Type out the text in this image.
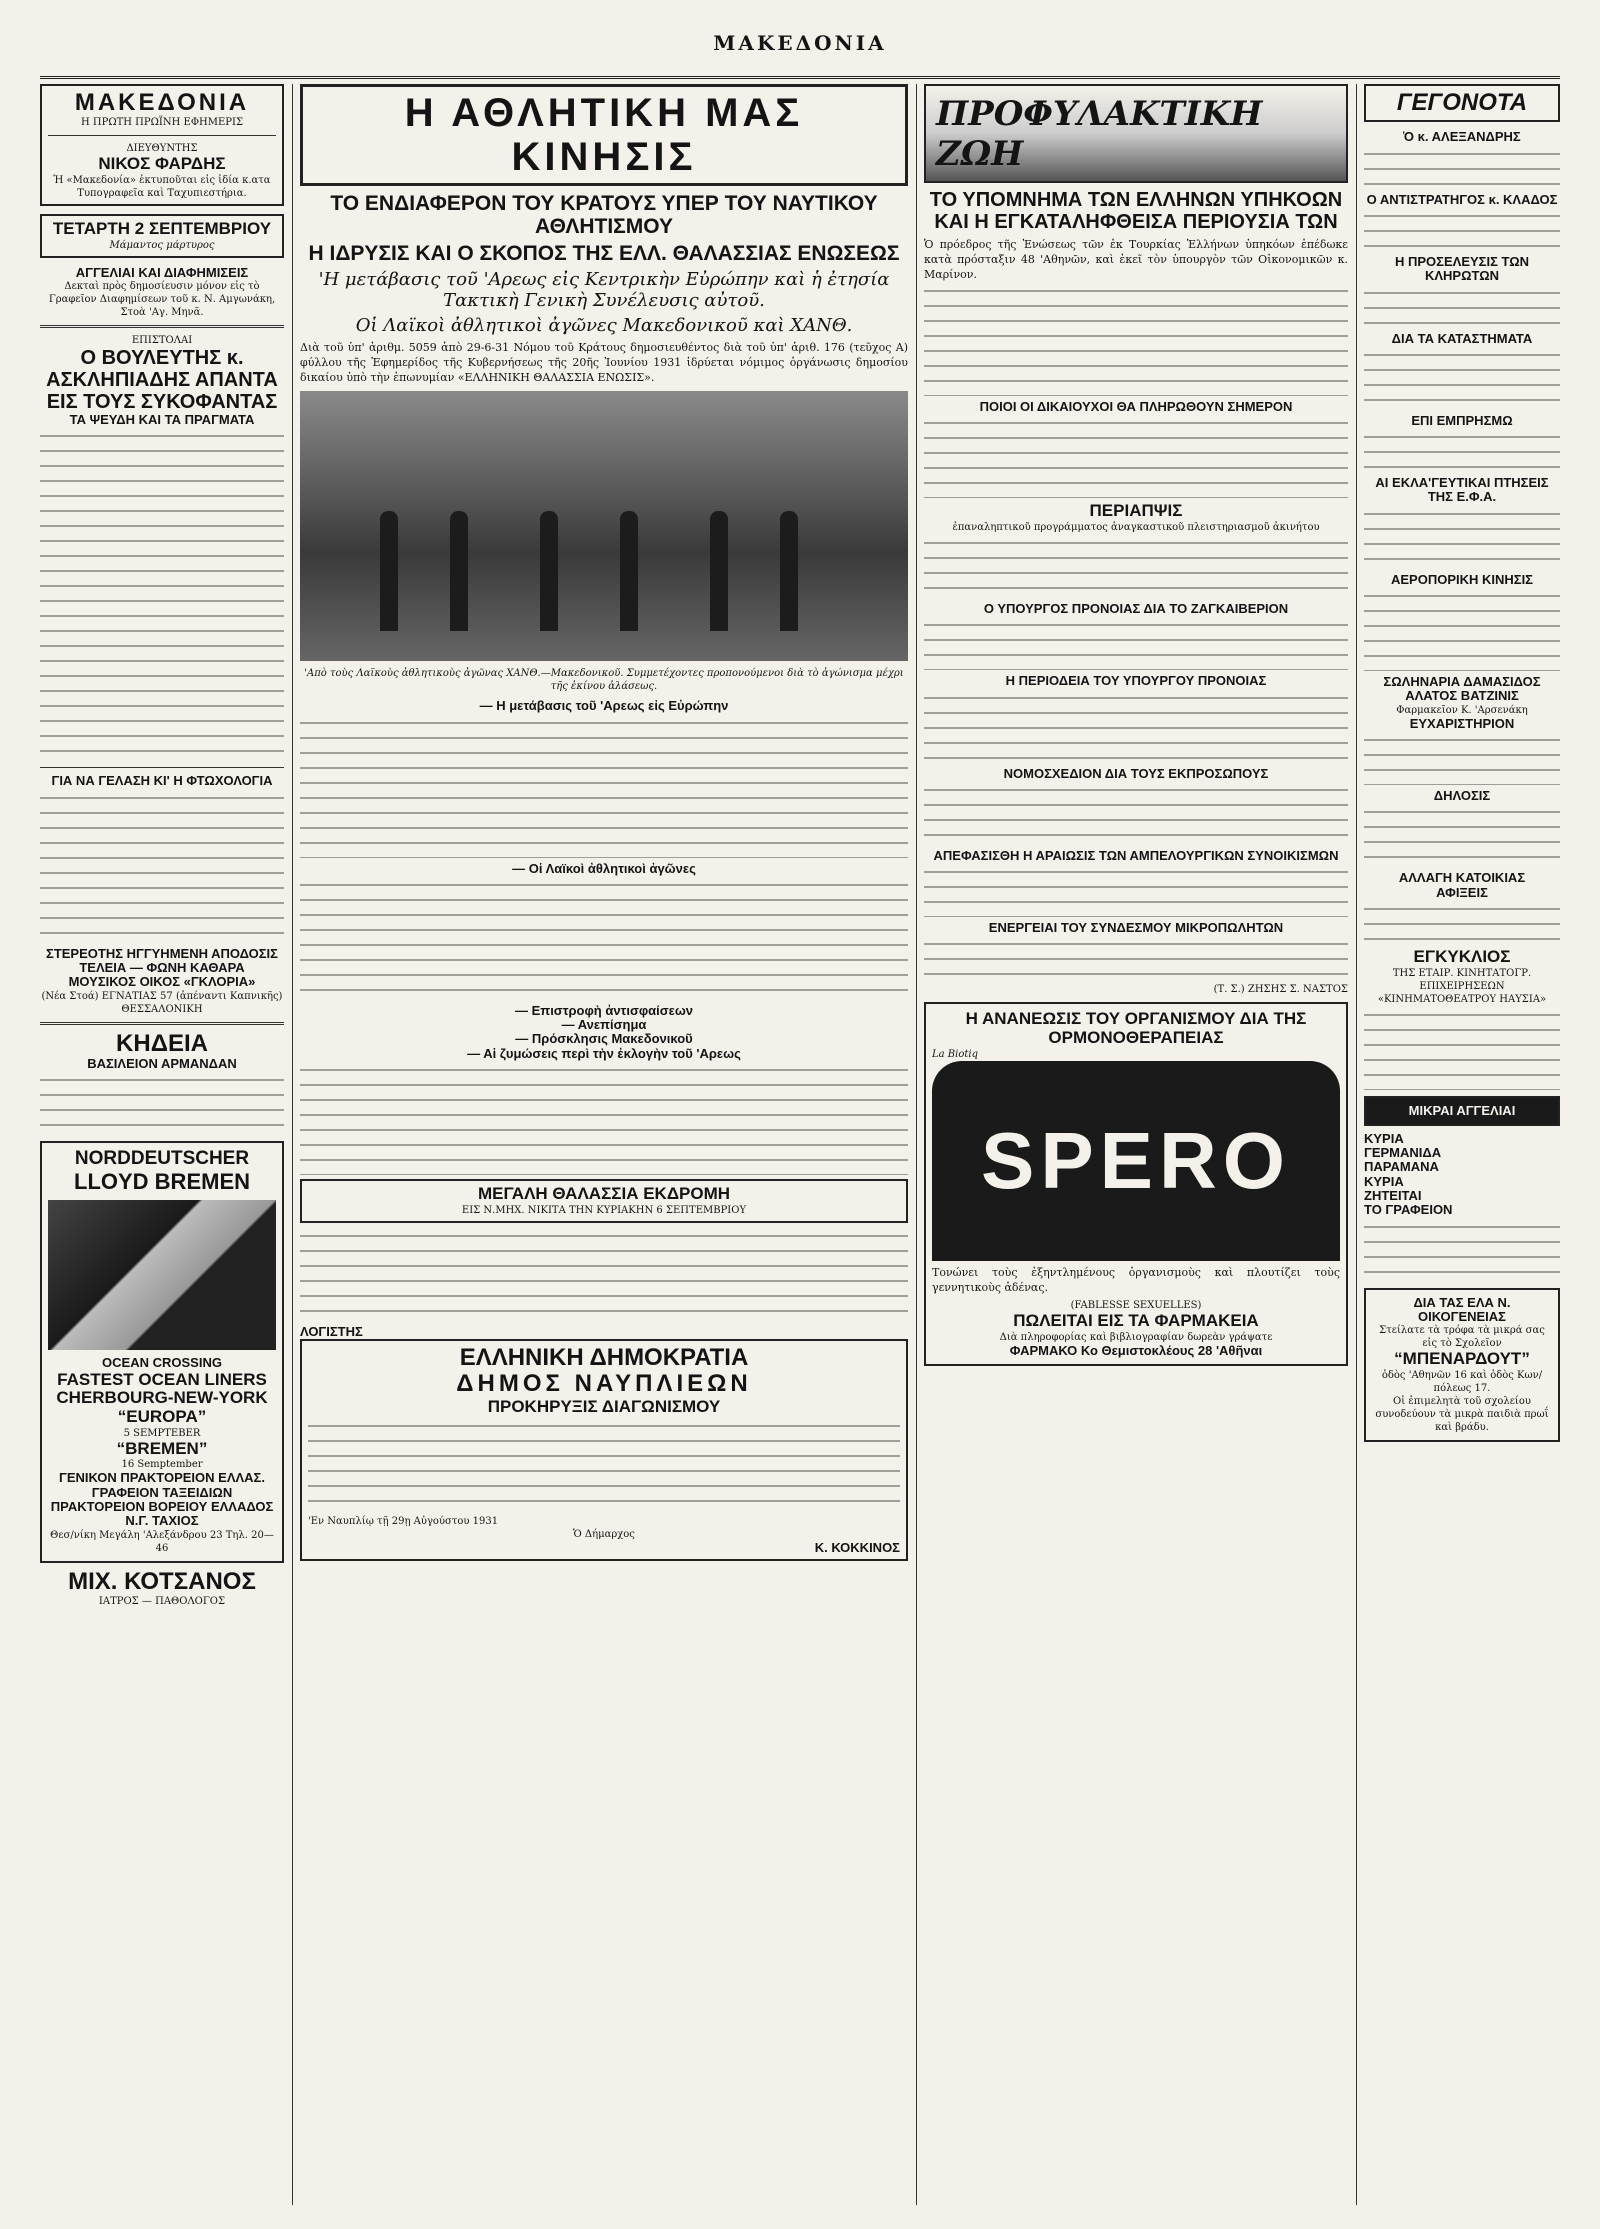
ΜΑΚΕΔΟΝΙΑ
ΜΑΚΕΔΟΝΙΑ
Η ΠΡΩΤΗ ΠΡΩΪΝΗ ΕΦΗΜΕΡΙΣ
ΔΙΕΥΘΥΝΤΗΣ
ΝΙΚΟΣ ΦΑΡΔΗΣ
Ἡ «Μακεδονία» ἐκτυποῦται εἰς ἰδία κ.ατα Τυπογραφεῖα καὶ Ταχυπιεστήρια.
ΤΕΤΑΡΤΗ 2 ΣΕΠΤΕΜΒΡΙΟΥ
Μάμαντος μάρτυρος
ΑΓΓΕΛΙΑΙ ΚΑΙ ΔΙΑΦΗΜΙΣΕΙΣ
Δεκταὶ πρὸς δημοσίευσιν μόνον εἰς τὸ Γραφεῖον Διαφημίσεων τοῦ κ. Ν. Αμγωνάκη, Στοὰ 'Αγ. Μηνᾶ.
ΕΠΙΣΤΟΛΑΙ
Ο ΒΟΥΛΕΥΤΗΣ κ. ΑΣΚΛΗΠΙΑΔΗΣ ΑΠΑΝΤΑ ΕΙΣ ΤΟΥΣ ΣΥΚΟΦΑΝΤΑΣ
ΤΑ ΨΕΥΔΗ ΚΑΙ ΤΑ ΠΡΑΓΜΑΤΑ
ΓΙΑ ΝΑ ΓΕΛΑΣΗ ΚΙ' Η ΦΤΩΧΟΛΟΓΙΑ
ΣΤΕΡΕΟΤΗΣ ΗΓΓΥΗΜΕΝΗ ΑΠΟΔΟΣΙΣ ΤΕΛΕΙΑ — ΦΩΝΗ ΚΑΘΑΡΑ
ΜΟΥΣΙΚΟΣ ΟΙΚΟΣ «ΓΚΛΟΡΙΑ»
(Νέα Στοά) ΕΓΝΑΤΙΑΣ 57 (ἀπέναντι Καπνικῆς) ΘΕΣΣΑΛΟΝΙΚΗ
ΚΗΔΕΙΑ
ΒΑΣΙΛΕΙΟΝ ΑΡΜΑΝΔΑΝ
NORDDEUTSCHER
LLOYD BREMEN
OCEAN CROSSING
FASTEST OCEAN LINERS
CHERBOURG-NEW-YORK
“EUROPA”
5 SEMPTEBER
“BREMEN”
16 Semptember
ΓΕΝΙΚΟΝ ΠΡΑΚΤΟΡΕΙΟΝ ΕΛΛΑΣ. ΓΡΑΦΕΙΟΝ ΤΑΞΕΙΔΙΩΝ
ΠΡΑΚΤΟΡΕΙΟΝ ΒΟΡΕΙΟΥ ΕΛΛΑΔΟΣ Ν.Γ. ΤΑΧΙΟΣ
Θεσ/νίκη Μεγάλη 'Αλεξάνδρου 23 Τηλ. 20—46
ΜΙΧ. ΚΟΤΣΑΝΟΣ
ΙΑΤΡΟΣ — ΠΑΘΟΛΟΓΟΣ
Η ΑΘΛΗΤΙΚΗ ΜΑΣ ΚΙΝΗΣΙΣ
ΤΟ ΕΝΔΙΑΦΕΡΟΝ ΤΟΥ ΚΡΑΤΟΥΣ ΥΠΕΡ ΤΟΥ ΝΑΥΤΙΚΟΥ ΑΘΛΗΤΙΣΜΟΥ
Η ΙΔΡΥΣΙΣ ΚΑΙ Ο ΣΚΟΠΟΣ ΤΗΣ ΕΛΛ. ΘΑΛΑΣΣΙΑΣ ΕΝΩΣΕΩΣ
'Η μετάβασις τοῦ 'Αρεως εἰς Κεντρικὴν Εὐρώπην καὶ ἡ ἐτησία Τακτικὴ Γενικὴ Συνέλευσις αὐτοῦ.
Οἱ Λαϊκοὶ ἀθλητικοὶ ἀγῶνες Μακεδονικοῦ καὶ ΧΑΝΘ.

Διὰ τοῦ ὑπ' ἀριθμ. 5059 ἀπὸ 29-6-31 Νόμου τοῦ Κράτους δημοσιευθέντος διὰ τοῦ ὑπ' ἀριθ. 176 (τεῦχος Α) φύλλου τῆς Ἐφημερίδος τῆς Κυβερνήσεως τῆς 20ῆς Ἰουνίου 1931 ἱδρύεται νόμιμος ὀργάνωσις δημοσίου δικαίου ὑπὸ τὴν ἐπωνυμίαν «ΕΛΛΗΝΙΚΗ ΘΑΛΑΣΣΙΑ ΕΝΩΣΙΣ».

'Απὸ τοὺς Λαϊκοὺς ἀθλητικοὺς ἀγῶνας ΧΑΝΘ.—Μακεδονικοῦ. Συμμετέχοντες προπονούμενοι διὰ τὸ ἀγώνισμα μέχρι τῆς ἐκίνου ἀλάσεως.
— Η μετάβασις τοῦ 'Αρεως εἰς Εὐρώπην
— Οἱ Λαϊκοὶ ἀθλητικοὶ ἀγῶνες
— Επιστροφὴ ἀντισφαίσεων
— Ανεπίσημα
— Πρόσκλησις Μακεδονικοῦ
— Αἱ ζυμώσεις περὶ τὴν ἐκλογὴν τοῦ 'Αρεως
ΜΕΓΑΛΗ ΘΑΛΑΣΣΙΑ ΕΚΔΡΟΜΗ
ΕΙΣ Ν.ΜΗΧ. ΝΙΚΙΤΑ ΤΗΝ ΚΥΡΙΑΚΗΝ 6 ΣΕΠΤΕΜΒΡΙΟΥ
ΛΟΓΙΣΤΗΣ
ΕΛΛΗΝΙΚΗ ΔΗΜΟΚΡΑΤΙΑ
ΔΗΜΟΣ ΝΑΥΠΛΙΕΩΝ
ΠΡΟΚΗΡΥΞΙΣ ΔΙΑΓΩΝΙΣΜΟΥ
'Εν Ναυπλίῳ τῇ 29ῃ Αὐγούστου 1931
Ὁ Δήμαρχος
Κ. ΚΟΚΚΙΝΟΣ
ΠΡΟΦΥΛΑΚΤΙΚΗ ΖΩΗ
ΤΟ ΥΠΟΜΝΗΜΑ ΤΩΝ ΕΛΛΗΝΩΝ ΥΠΗΚΟΩΝ ΚΑΙ Η ΕΓΚΑΤΑΛΗΦΘΕΙΣΑ ΠΕΡΙΟΥΣΙΑ ΤΩΝ

Ὁ πρόεδρος τῆς Ἐνώσεως τῶν ἐκ Τουρκίας Ἑλλήνων ὑπηκόων ἐπέδωκε κατὰ πρόσταξιν 48 'Αθηνῶν, καὶ ἐκεῖ τὸν ὑπουργὸν τῶν Οἰκονομικῶν κ. Μαρίνον.

ΠΟΙΟΙ ΟΙ ΔΙΚΑΙΟΥΧΟΙ ΘΑ ΠΛΗΡΩΘΟΥΝ ΣΗΜΕΡΟΝ
ΠΕΡΙΑΠΨΙΣ
ἐπαναληπτικοῦ προγράμματος ἀναγκαστικοῦ πλειστηριασμοῦ ἀκινήτου
Ο ΥΠΟΥΡΓΟΣ ΠΡΟΝΟΙΑΣ ΔΙΑ ΤΟ ΖΑΓΚΑΙΒΕΡΙΟΝ
Η ΠΕΡΙΟΔΕΙΑ ΤΟΥ ΥΠΟΥΡΓΟΥ ΠΡΟΝΟΙΑΣ
ΝΟΜΟΣΧΕΔΙΟΝ ΔΙΑ ΤΟΥΣ ΕΚΠΡΟΣΩΠΟΥΣ
ΑΠΕΦΑΣΙΣΘΗ Η ΑΡΑΙΩΣΙΣ ΤΩΝ ΑΜΠΕΛΟΥΡΓΙΚΩΝ ΣΥΝΟΙΚΙΣΜΩΝ
ΕΝΕΡΓΕΙΑΙ ΤΟΥ ΣΥΝΔΕΣΜΟΥ ΜΙΚΡΟΠΩΛΗΤΩΝ
(Τ. Σ.) ΖΗΣΗΣ Σ. ΝΑΣΤΟΣ
Η ΑΝΑΝΕΩΣΙΣ ΤΟΥ ΟΡΓΑΝΙΣΜΟΥ ΔΙΑ ΤΗΣ ΟΡΜΟΝΟΘΕΡΑΠΕΙΑΣ
La Biotiq
SPERO

Τονώνει τοὺς ἐξηντλημένους ὀργανισμοὺς καὶ πλουτίζει τοὺς γεννητικοὺς ἀδένας.

(FABLESSE SEXUELLES)
ΠΩΛΕΙΤΑΙ ΕΙΣ ΤΑ ΦΑΡΜΑΚΕΙΑ
Διὰ πληροφορίας καὶ βιβλιογραφίαν δωρεὰν γράψατε
ΦΑΡΜΑΚΟ Κο Θεμιστοκλέους 28 'Αθῆναι
ΓΕΓΟΝΟΤΑ
Ὁ κ. ΑΛΕΞΑΝΔΡΗΣ
Ο ΑΝΤΙΣΤΡΑΤΗΓΟΣ κ. ΚΛΑΔΟΣ
Η ΠΡΟΣΕΛΕΥΣΙΣ ΤΩΝ ΚΛΗΡΩΤΩΝ
ΔΙΑ ΤΑ ΚΑΤΑΣΤΗΜΑΤΑ
ΕΠΙ ΕΜΠΡΗΣΜΩ
ΑΙ ΕΚΛΑ'ΓΕΥΤΙΚΑΙ ΠΤΗΣΕΙΣ ΤΗΣ Ε.Φ.Α.
ΑΕΡΟΠΟΡΙΚΗ ΚΙΝΗΣΙΣ
ΣΩΛΗΝΑΡΙΑ ΔΑΜΑΣΙΔΟΣ ΑΛΑΤΟΣ ΒΑΤΖΙΝΙΣ
Φαρμακεῖον Κ. 'Αρσενάκη
ΕΥΧΑΡΙΣΤΗΡΙΟΝ
ΔΗΛΟΣΙΣ
ΑΛΛΑΓΗ ΚΑΤΟΙΚΙΑΣ
ΑΦΙΞΕΙΣ
ΕΓΚΥΚΛΙΟΣ
ΤΗΣ ΕΤΑΙΡ. ΚΙΝΗΤΑΤΟΓΡ. ΕΠΙΧΕΙΡΗΣΕΩΝ «ΚΙΝΗΜΑΤΟΘΕΑΤΡΟΥ ΗΑΥΣΙΑ»
ΜΙΚΡΑΙ ΑΓΓΕΛΙΑΙ
ΚΥΡΙΑ
ΓΕΡΜΑΝΙΔΑ
ΠΑΡΑΜΑΝΑ
ΚΥΡΙΑ
ΖΗΤΕΙΤΑΙ
ΤΟ ΓΡΑΦΕΙΟΝ
ΔΙΑ ΤΑΣ ΕΛΑ Ν. ΟΙΚΟΓΕΝΕΙΑΣ
Στείλατε τὰ τρόφα τὰ μικρά σας εἰς τὸ Σχολεῖον
“ΜΠΕΝΑΡΔΟΥΤ”
ὁδὸς 'Αθηνῶν 16 καὶ ὁδὸς Κων/πόλεως 17.
Οἱ ἐπιμελητὰ τοῦ σχολείου συνοδεύουν τὰ μικρὰ παιδιὰ πρωΐ καὶ βράδυ.
